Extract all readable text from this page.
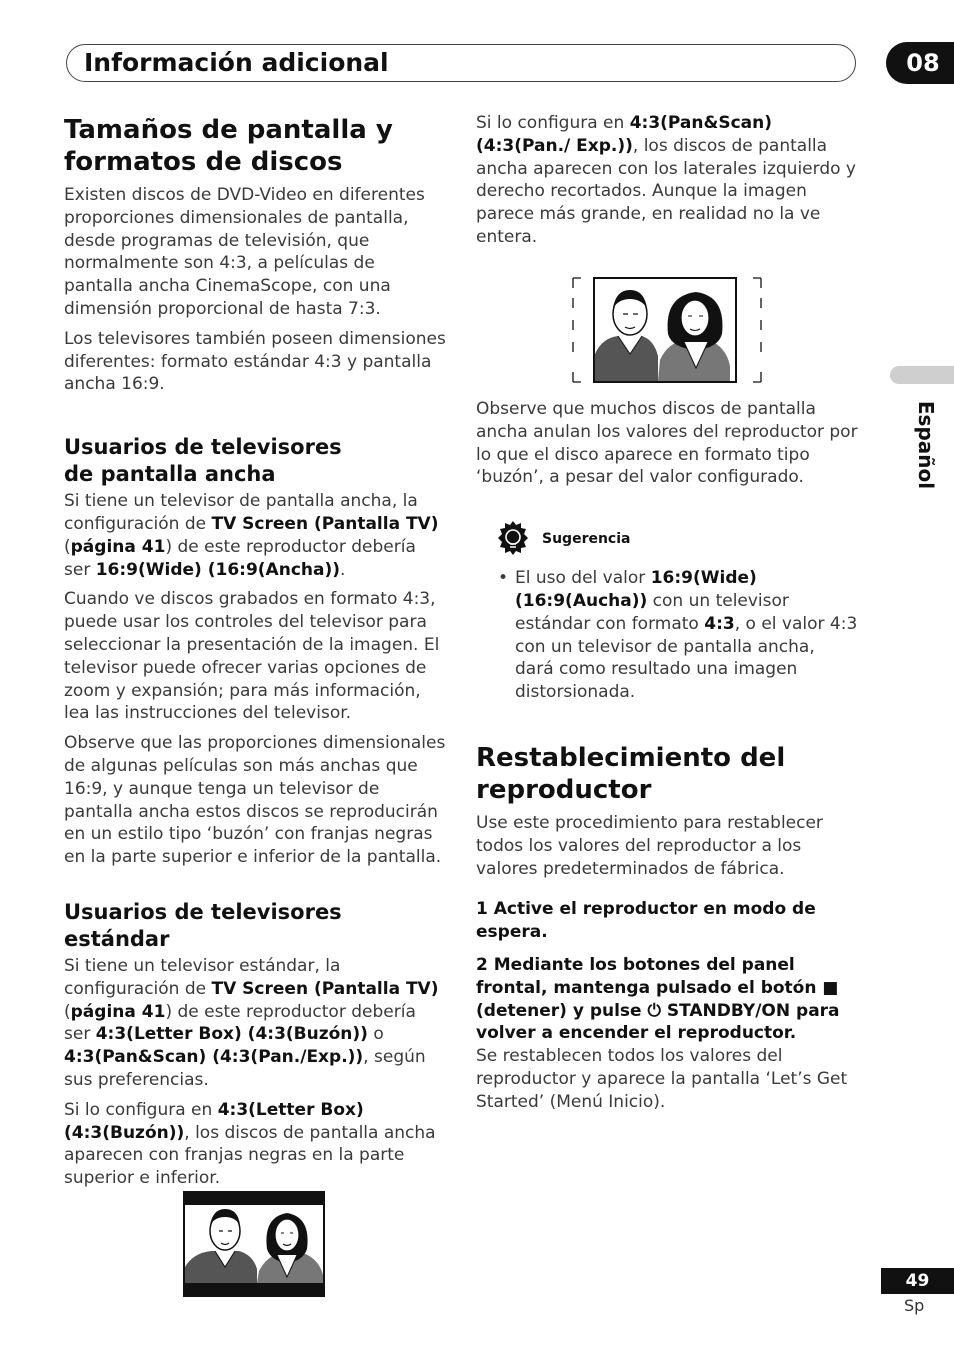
Información adicional	08
Español
Tamaños de pantalla y
formatos de discos

Existen discos de DVD-Video en diferentes proporciones dimensionales de pantalla, desde programas de televisión, que normalmente son 4:3, a películas de pantalla ancha CinemaScope, con una dimensión proporcional de hasta 7:3.

Los televisores también poseen dimensiones diferentes: formato estándar 4:3 y pantalla ancha 16:9.

Usuarios de televisores de pantalla ancha

Si tiene un televisor de pantalla ancha, la configuración de TV Screen (Pantalla TV) (página 41) de este reproductor debería ser 16:9(Wide) (16:9(Ancha)).

Cuando ve discos grabados en formato 4:3, puede usar los controles del televisor para seleccionar la presentación de la imagen. El televisor puede ofrecer varias opciones de zoom y expansión; para más información, lea las instrucciones del televisor.

Observe que las proporciones dimensionales de algunas películas son más anchas que 16:9, y aunque tenga un televisor de pantalla ancha estos discos se reproducirán en un estilo tipo ‘buzón’ con franjas negras en la parte superior e inferior de la pantalla.

Usuarios de televisores estándar

Si tiene un televisor estándar, la configuración de TV Screen (Pantalla TV) (página 41) de este reproductor debería ser 4:3(Letter Box) (4:3(Buzón)) o 4:3(Pan&Scan) (4:3(Pan./Exp.)), según sus preferencias.

Si lo configura en 4:3(Letter Box) (4:3(Buzón)), los discos de pantalla ancha aparecen con franjas negras en la parte superior e inferior.

Si lo configura en 4:3(Pan&Scan) (4:3(Pan./ Exp.)), los discos de pantalla ancha aparecen con los laterales izquierdo y derecho recortados. Aunque la imagen parece más grande, en realidad no la ve entera.

Observe que muchos discos de pantalla ancha anulan los valores del reproductor por lo que el disco aparece en formato tipo ‘buzón’, a pesar del valor configurado.

Sugerencia
• El uso del valor 16:9(Wide) (16:9(Aucha)) con un televisor estándar con formato 4:3, o el valor 4:3 con un televisor de pantalla ancha, dará como resultado una imagen distorsionada.
Restablecimiento del
reproductor

Use este procedimiento para restablecer todos los valores del reproductor a los valores predeterminados de fábrica.

1 Active el reproductor en modo de espera.

2 Mediante los botones del panel frontal, mantenga pulsado el botón ■ (detener) y pulse ⏻ STANDBY/ON para volver a encender el reproductor.

Se restablecen todos los valores del reproductor y aparece la pantalla ‘Let’s Get Started’ (Menú Inicio).

49
Sp
